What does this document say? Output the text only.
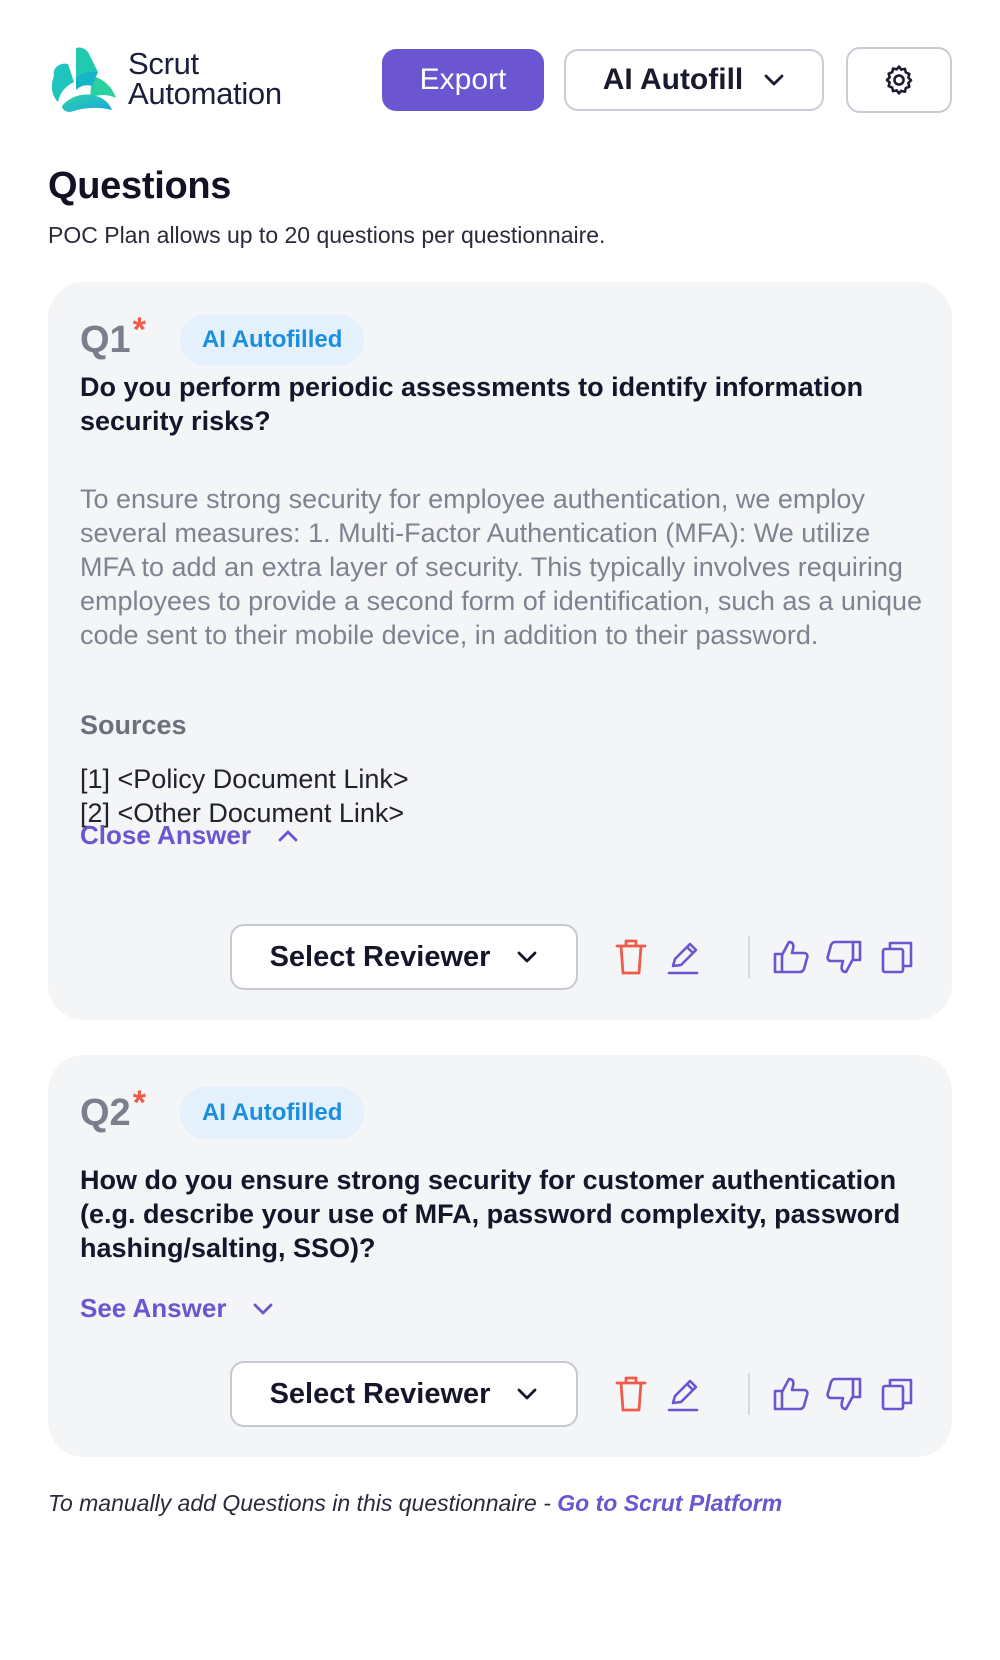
Scrut
Automation	Export	AI Autofill
Questions
POC Plan allows up to 20 questions per questionnaire.
Q1 *	AI Autofilled
Do you perform periodic assessments to identify information security risks?
To ensure strong security for employee authentication, we employ several measures: 1. Multi-Factor Authentication (MFA): We utilize MFA to add an extra layer of security. This typically involves requiring employees to provide a second form of identification, such as a unique code sent to their mobile device, in addition to their password.
Sources
[1] <Policy Document Link>
[2] <Other Document Link>
Close Answer
Select Reviewer
Q2 *	AI Autofilled
How do you ensure strong security for customer authentication (e.g. describe your use of MFA, password complexity, password hashing/salting, SSO)?
See Answer
Select Reviewer
To manually add Questions in this questionnaire - Go to Scrut Platform
